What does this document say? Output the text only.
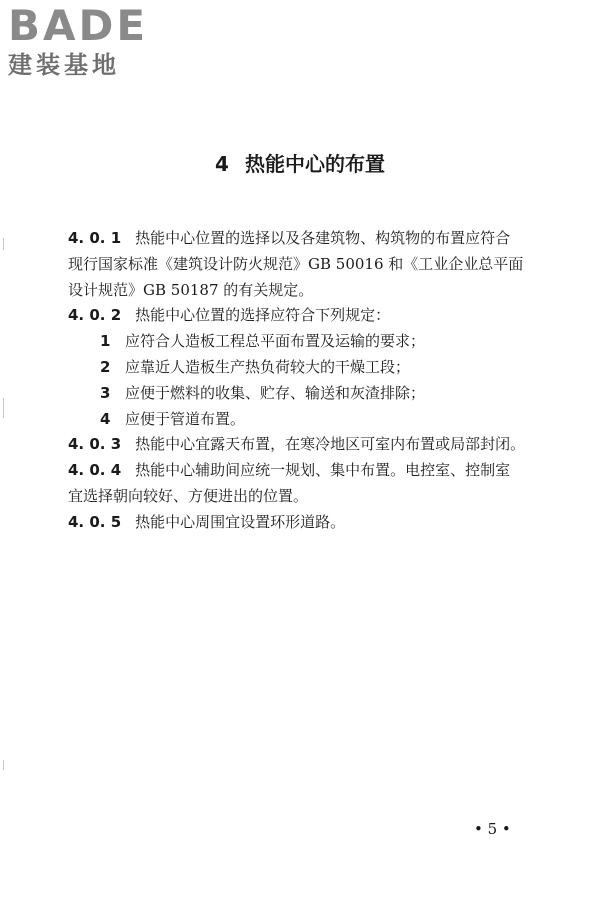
BADE
建装基地
4 热能中心的布置
4. 0. 1 热能中心位置的选择以及各建筑物、构筑物的布置应符合
现行国家标准《建筑设计防火规范》GB 50016 和《工业企业总平面
设计规范》GB 50187 的有关规定。
4. 0. 2 热能中心位置的选择应符合下列规定：
1 应符合人造板工程总平面布置及运输的要求；
2 应靠近人造板生产热负荷较大的干燥工段；
3 应便于燃料的收集、贮存、输送和灰渣排除；
4 应便于管道布置。
4. 0. 3 热能中心宜露天布置，在寒冷地区可室内布置或局部封闭。
4. 0. 4 热能中心辅助间应统一规划、集中布置。电控室、控制室
宜选择朝向较好、方便进出的位置。
4. 0. 5 热能中心周围宜设置环形道路。
• 5 •
